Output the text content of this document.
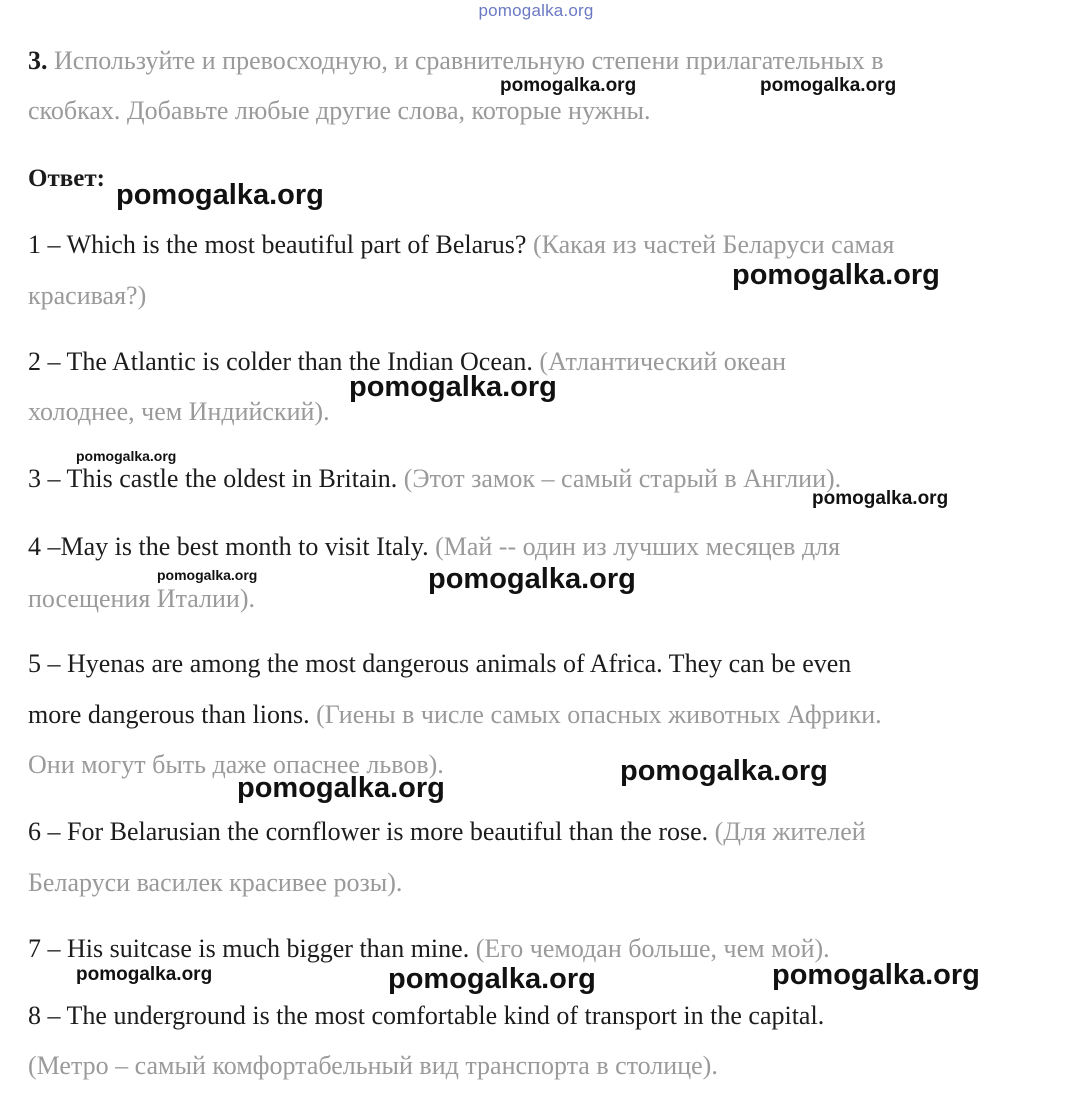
pomogalka.org
3. Используйте и превосходную, и сравнительную степени прилагательных в
скобках. Добавьте любые другие слова, которые нужны.
Ответ:
1 – Which is the most beautiful part of Belarus? (Какая из частей Беларуси самая
красивая?)
2 – The Atlantic is colder than the Indian Ocean. (Атлантический океан
холоднее, чем Индийский).
3 – This castle the oldest in Britain. (Этот замок – самый старый в Англии).
4 –May is the best month to visit Italy. (Май -- один из лучших месяцев для
посещения Италии).
5 – Hyenas are among the most dangerous animals of Africa. They can be even
more dangerous than lions. (Гиены в числе самых опасных животных Африки.
Они могут быть даже опаснее львов).
6 – For Belarusian the cornflower is more beautiful than the rose. (Для жителей
Беларуси василек красивее розы).
7 – His suitcase is much bigger than mine. (Его чемодан больше, чем мой).
8 – The underground is the most comfortable kind of transport in the capital.
(Метро – самый комфортабельный вид транспорта в столице).
pomogalka.org	pomogalka.org
pomogalka.org
pomogalka.org
pomogalka.org
pomogalka.org
pomogalka.org
pomogalka.org	pomogalka.org
pomogalka.org
pomogalka.org
pomogalka.org	pomogalka.org	pomogalka.org
